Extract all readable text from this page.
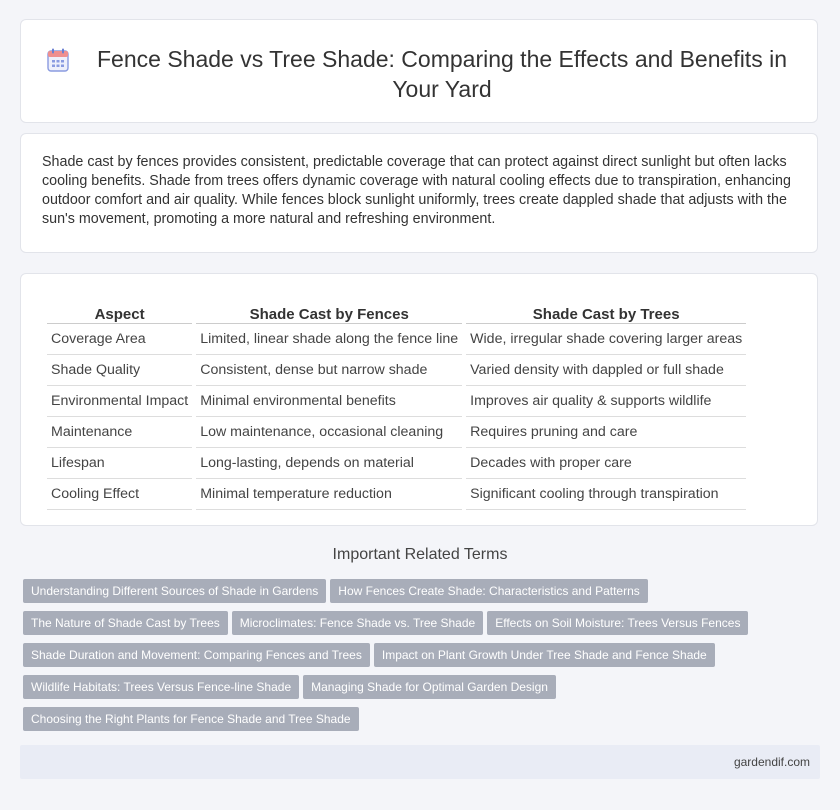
Fence Shade vs Tree Shade: Comparing the Effects and Benefits in Your Yard

Shade cast by fences provides consistent, predictable coverage that can protect against direct sunlight but often lacks cooling benefits. Shade from trees offers dynamic coverage with natural cooling effects due to transpiration, enhancing outdoor comfort and air quality. While fences block sunlight uniformly, trees create dappled shade that adjusts with the sun's movement, promoting a more natural and refreshing environment.

Aspect	Shade Cast by Fences	Shade Cast by Trees
Coverage Area	Limited, linear shade along the fence line	Wide, irregular shade covering larger areas
Shade Quality	Consistent, dense but narrow shade	Varied density with dappled or full shade
Environmental Impact	Minimal environmental benefits	Improves air quality & supports wildlife
Maintenance	Low maintenance, occasional cleaning	Requires pruning and care
Lifespan	Long-lasting, depends on material	Decades with proper care
Cooling Effect	Minimal temperature reduction	Significant cooling through transpiration
Important Related Terms
Understanding Different Sources of Shade in Gardens How Fences Create Shade: Characteristics and Patterns
The Nature of Shade Cast by Trees Microclimates: Fence Shade vs. Tree Shade Effects on Soil Moisture: Trees Versus Fences
Shade Duration and Movement: Comparing Fences and Trees Impact on Plant Growth Under Tree Shade and Fence Shade
Wildlife Habitats: Trees Versus Fence-line Shade Managing Shade for Optimal Garden Design
Choosing the Right Plants for Fence Shade and Tree Shade
gardendif.com
